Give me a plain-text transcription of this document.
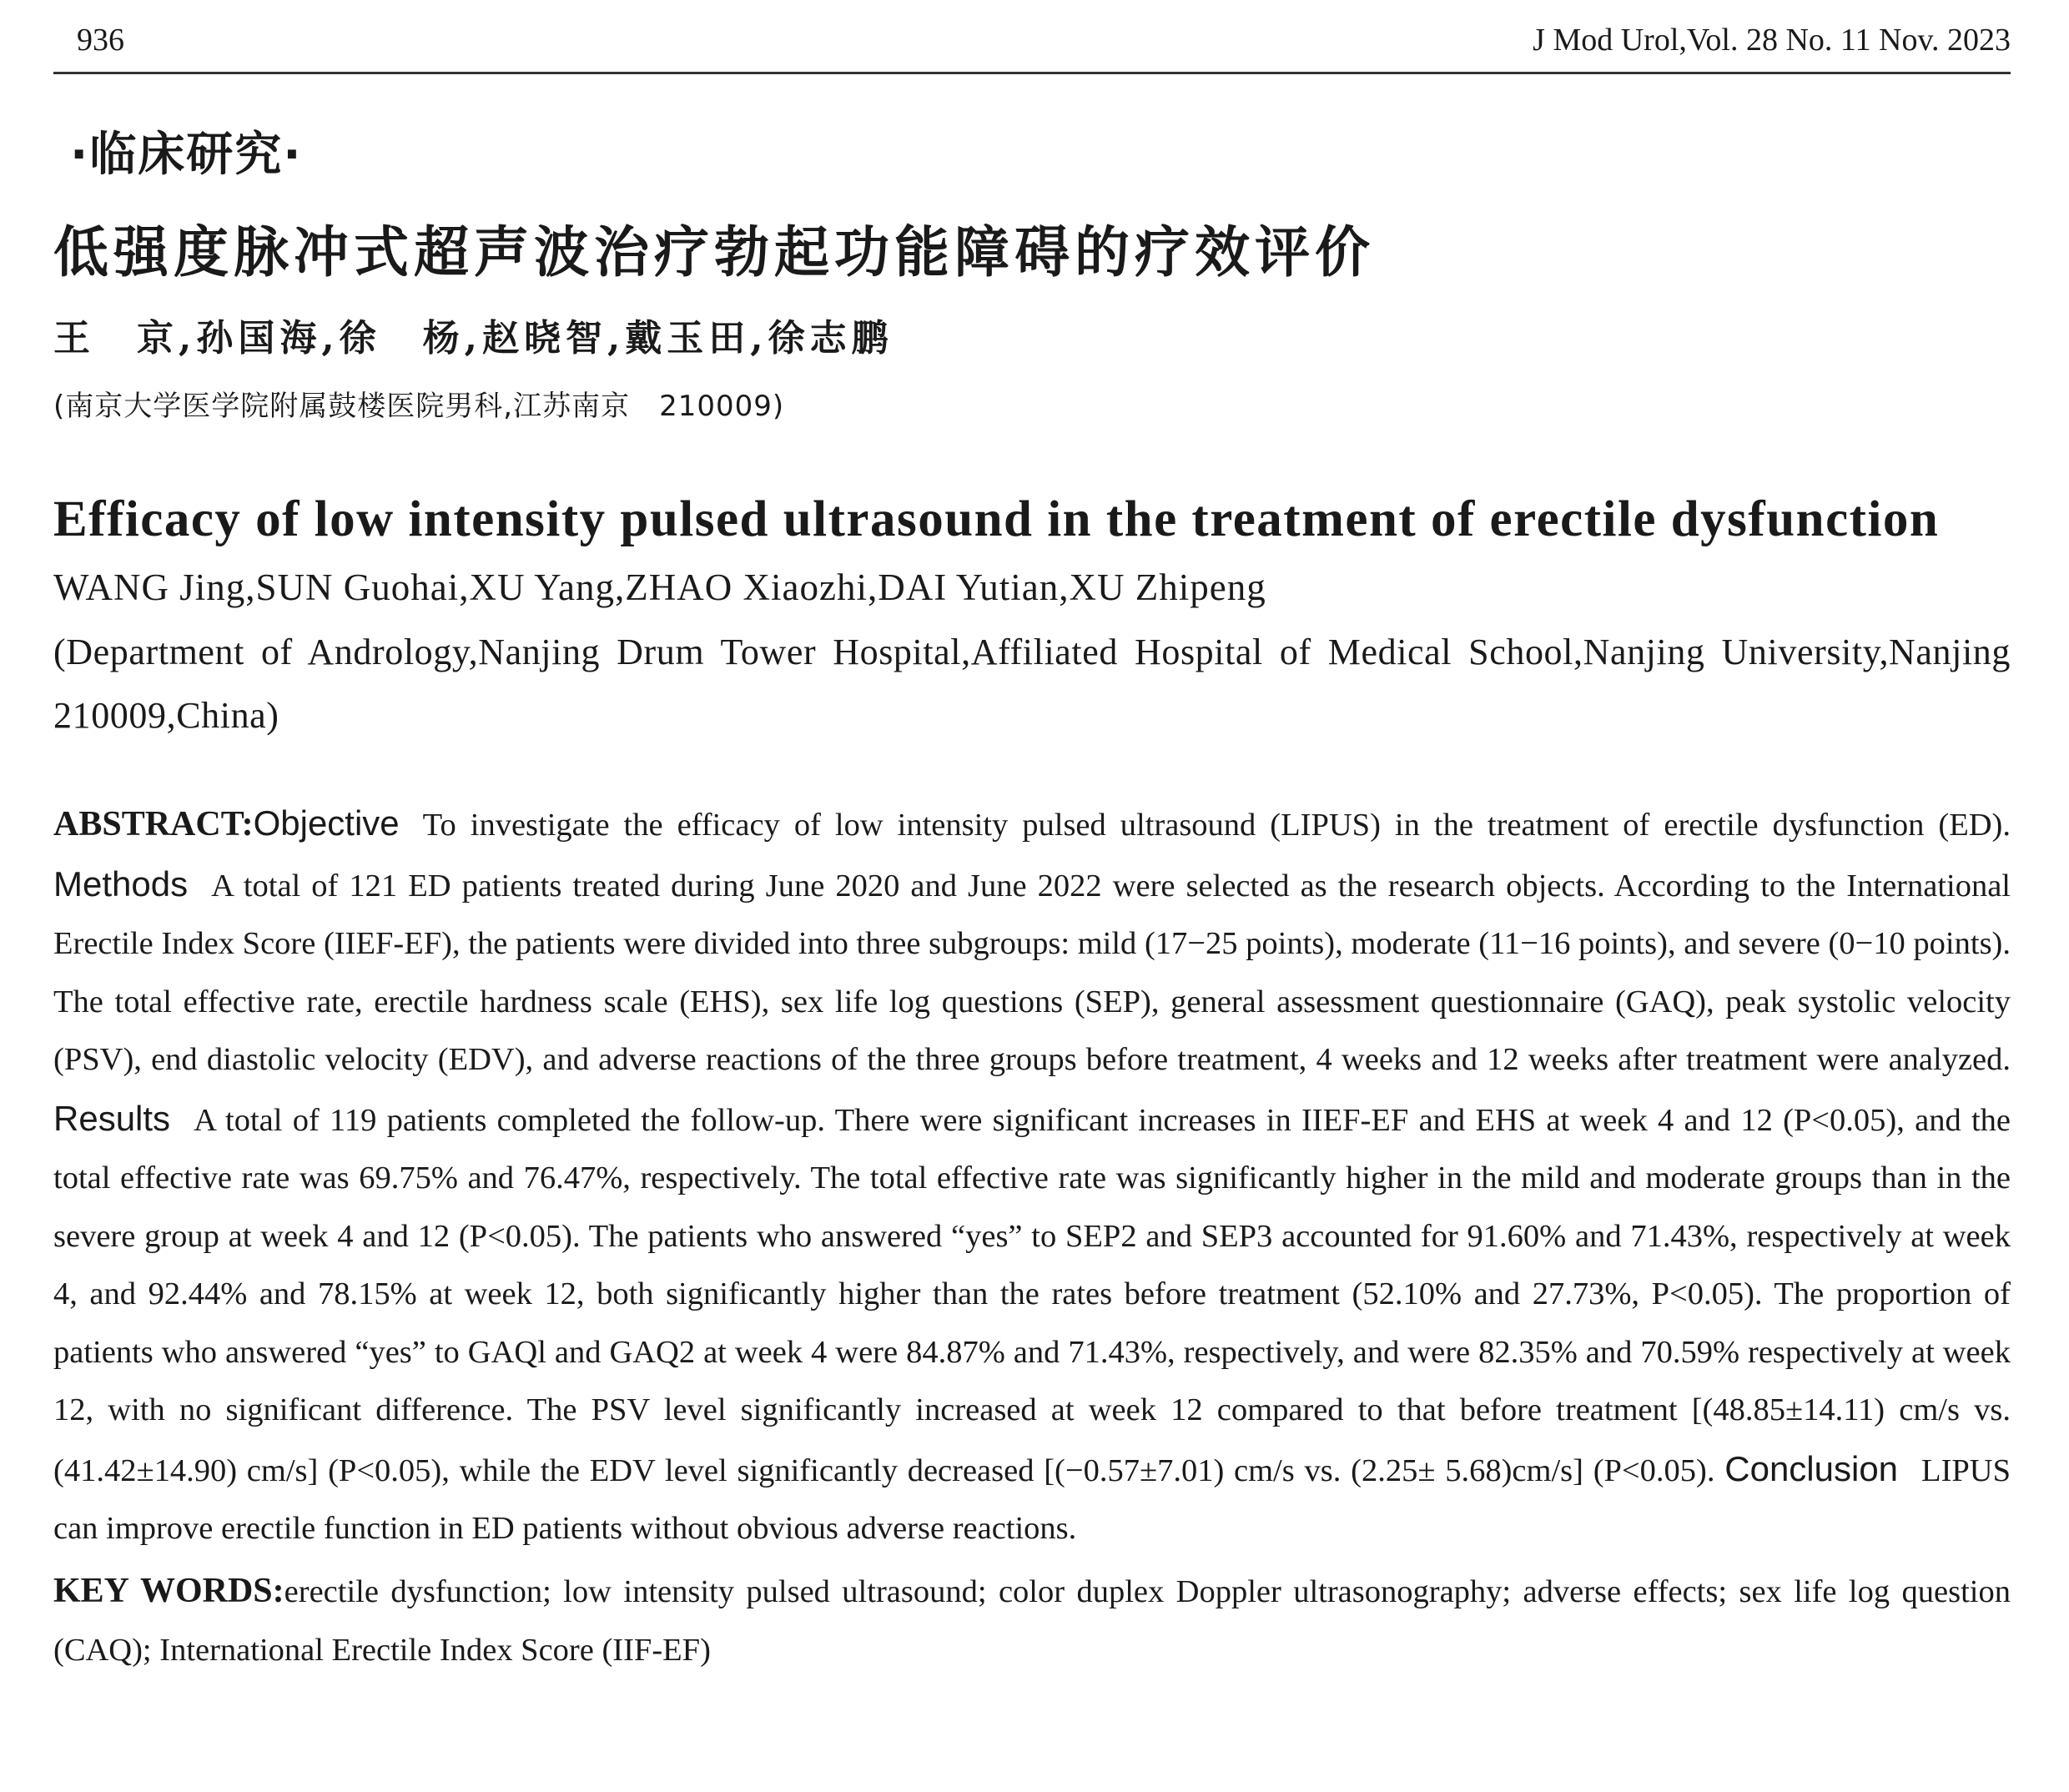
936	J Mod Urol,Vol. 28 No. 11 Nov. 2023
·临床研究·
低强度脉冲式超声波治疗勃起功能障碍的疗效评价
王　京,孙国海,徐　杨,赵晓智,戴玉田,徐志鹏
(南京大学医学院附属鼓楼医院男科,江苏南京　210009)
Efficacy of low intensity pulsed ultrasound in the treatment of erectile dysfunction
WANG Jing,SUN Guohai,XU Yang,ZHAO Xiaozhi,DAI Yutian,XU Zhipeng
(Department of Andrology,Nanjing Drum Tower Hospital,Affiliated Hospital of Medical School,Nanjing University,Nanjing 210009,China)
ABSTRACT:Objective To investigate the efficacy of low intensity pulsed ultrasound (LIPUS) in the treatment of erectile dysfunction (ED). Methods A total of 121 ED patients treated during June 2020 and June 2022 were selected as the research objects. According to the International Erectile Index Score (IIEF-EF), the patients were divided into three subgroups: mild (17−25 points), moderate (11−16 points), and severe (0−10 points). The total effective rate, erectile hardness scale (EHS), sex life log questions (SEP), general assessment questionnaire (GAQ), peak systolic velocity (PSV), end diastolic velocity (EDV), and adverse reactions of the three groups before treatment, 4 weeks and 12 weeks after treatment were analyzed. Results A total of 119 patients completed the follow-up. There were significant increases in IIEF-EF and EHS at week 4 and 12 (P<0.05), and the total effective rate was 69.75% and 76.47%, respectively. The total effective rate was significantly higher in the mild and moderate groups than in the severe group at week 4 and 12 (P<0.05). The patients who answered “yes” to SEP2 and SEP3 accounted for 91.60% and 71.43%, respectively at week 4, and 92.44% and 78.15% at week 12, both significantly higher than the rates before treatment (52.10% and 27.73%, P<0.05). The proportion of patients who answered “yes” to GAQl and GAQ2 at week 4 were 84.87% and 71.43%, respectively, and were 82.35% and 70.59% respectively at week 12, with no significant difference. The PSV level significantly increased at week 12 compared to that before treatment [(48.85±14.11) cm/s vs. (41.42±14.90) cm/s] (P<0.05), while the EDV level significantly decreased [(−0.57±7.01) cm/s vs. (2.25± 5.68)cm/s] (P<0.05). Conclusion LIPUS can improve erectile function in ED patients without obvious adverse reactions.
KEY WORDS:erectile dysfunction; low intensity pulsed ultrasound; color duplex Doppler ultrasonography; adverse effects; sex life log question (CAQ); International Erectile Index Score (IIF-EF)
